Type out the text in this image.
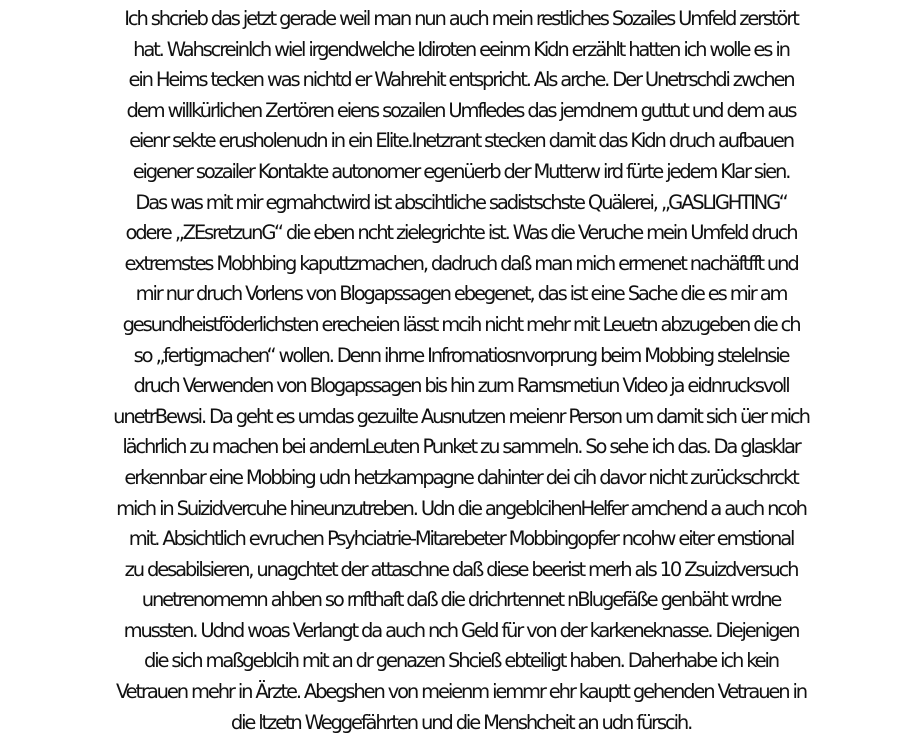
Ich shcrieb das jetzt gerade weil man nun auch mein restliches Sozailes Umfeld zerstört
hat. Wahscreinlch wiel irgendwelche Idiroten eeinm Kidn erzählt hatten ich wolle es in
ein Heims tecken was nichtd er Wahrehit entspricht. Als arche. Der Unetrschdi zwchen
dem willkürlichen Zertören eiens sozailen Umfledes das jemdnem guttut und dem aus
eienr sekte erusholenudn in ein Elite.Inetzrant stecken damit das Kidn druch aufbauen
eigener sozailer Kontakte autonomer egenüerb der Mutterw ird fürte jedem Klar sien.
Das was mit mir egmahctwird ist abscihtliche sadistschste Quälerei, „GASLIGHTING“
odere „ZEsretzunG“ die eben ncht zielegrichte ist. Was die Veruche mein Umfeld druch
extremstes Mobhbing kaputtzmachen, dadruch daß man mich ermenet nachäftfft und
mir nur druch Vorlens von Blogapssagen ebegenet, das ist eine Sache die es mir am
gesundheistföderlichsten erecheien lässt mcih nicht mehr mit Leuetn abzugeben die ch
so „fertigmachen“ wollen. Denn ihrne Infromatiosnvorprung beim Mobbing steleInsie
druch Verwenden von Blogapssagen bis hin zum Ramsmetiun Video ja eidnrucksvoll
unetrBewsi. Da geht es umdas gezuilte Ausnutzen meienr Person um damit sich üer mich
lächrlich zu machen bei andernLeuten Punket zu sammeln. So sehe ich das. Da glasklar
erkennbar eine Mobbing udn hetzkampagne dahinter dei cih davor nicht zurückschrckt
mich in Suizidvercuhe hineunzutreben. Udn die angeblcihenHelfer amchend a auch ncoh
mit. Absichtlich evruchen Psyhciatrie-Mitarebeter Mobbingopfer ncohw eiter emstional
zu desabilsieren, unagchtet der attaschne daß diese beerist merh als 10 Zsuizdversuch
unetrenomemn ahben so rnfthaft daß die drichrtennet nBlugefäße genbäht wrdne
mussten. Udnd woas Verlangt da auch nch Geld für von der karkeneknasse. Diejenigen
die sich maßgeblcih mit an dr genazen Shcieß ebteiligt haben. Daherhabe ich kein
Vetrauen mehr in Ärzte. Abegshen von meienm iemmr ehr kauptt gehenden Vetrauen in
die ltzetn Weggefährten und die Menshcheit an udn fürscih.
